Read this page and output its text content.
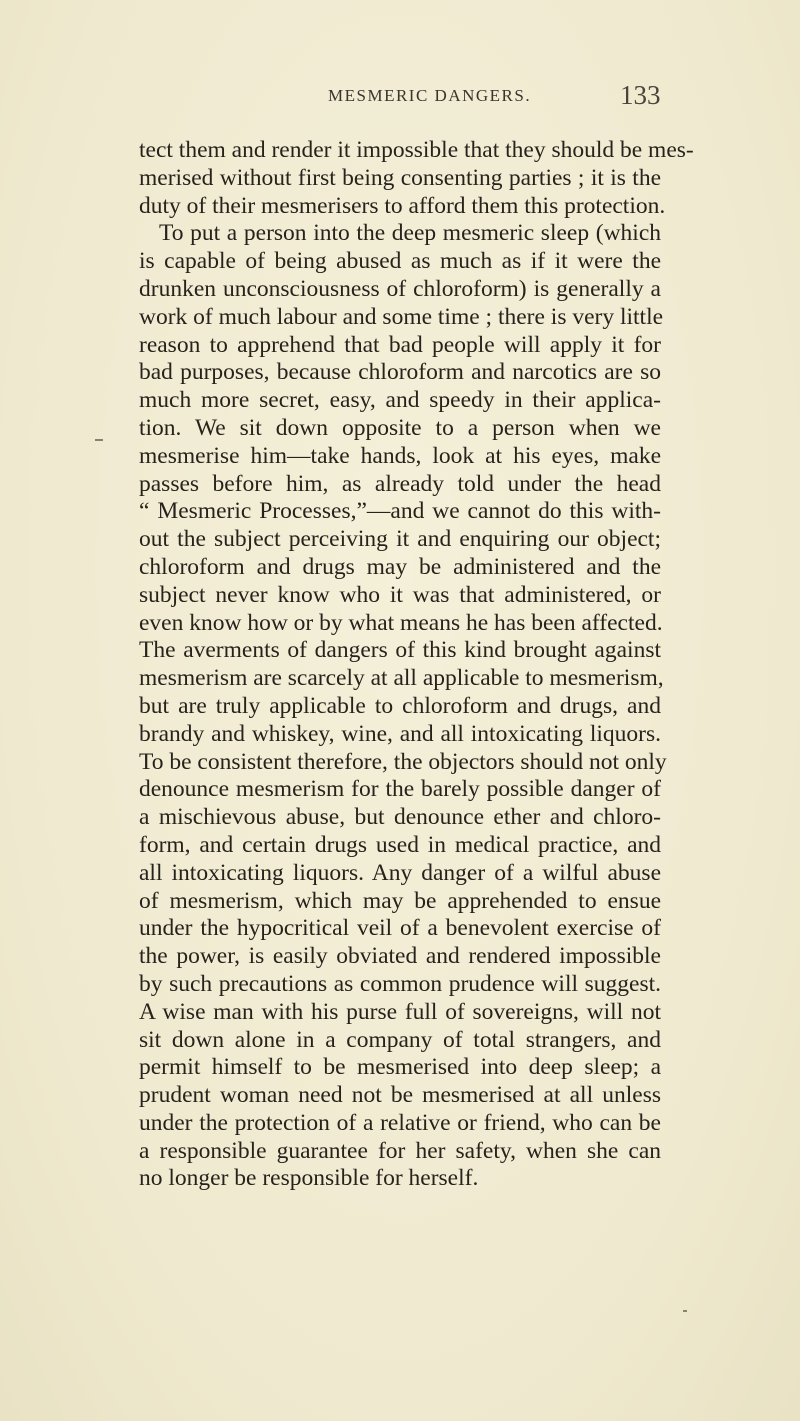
MESMERIC DANGERS.	133
tect them and render it impossible that they should be mes-
merised without first being consenting parties ; it is the
duty of their mesmerisers to afford them this protection.
To put a person into the deep mesmeric sleep (which
is capable of being abused as much as if it were the
drunken unconsciousness of chloroform) is generally a
work of much labour and some time ; there is very little
reason to apprehend that bad people will apply it for
bad purposes, because chloroform and narcotics are so
much more secret, easy, and speedy in their applica-
tion. We sit down opposite to a person when we
mesmerise him—take hands, look at his eyes, make
passes before him, as already told under the head
“ Mesmeric Processes,”—and we cannot do this with-
out the subject perceiving it and enquiring our object;
chloroform and drugs may be administered and the
subject never know who it was that administered, or
even know how or by what means he has been affected.
The averments of dangers of this kind brought against
mesmerism are scarcely at all applicable to mesmerism,
but are truly applicable to chloroform and drugs, and
brandy and whiskey, wine, and all intoxicating liquors.
To be consistent therefore, the objectors should not only
denounce mesmerism for the barely possible danger of
a mischievous abuse, but denounce ether and chloro-
form, and certain drugs used in medical practice, and
all intoxicating liquors. Any danger of a wilful abuse
of mesmerism, which may be apprehended to ensue
under the hypocritical veil of a benevolent exercise of
the power, is easily obviated and rendered impossible
by such precautions as common prudence will suggest.
A wise man with his purse full of sovereigns, will not
sit down alone in a company of total strangers, and
permit himself to be mesmerised into deep sleep; a
prudent woman need not be mesmerised at all unless
under the protection of a relative or friend, who can be
a responsible guarantee for her safety, when she can
no longer be responsible for herself.
